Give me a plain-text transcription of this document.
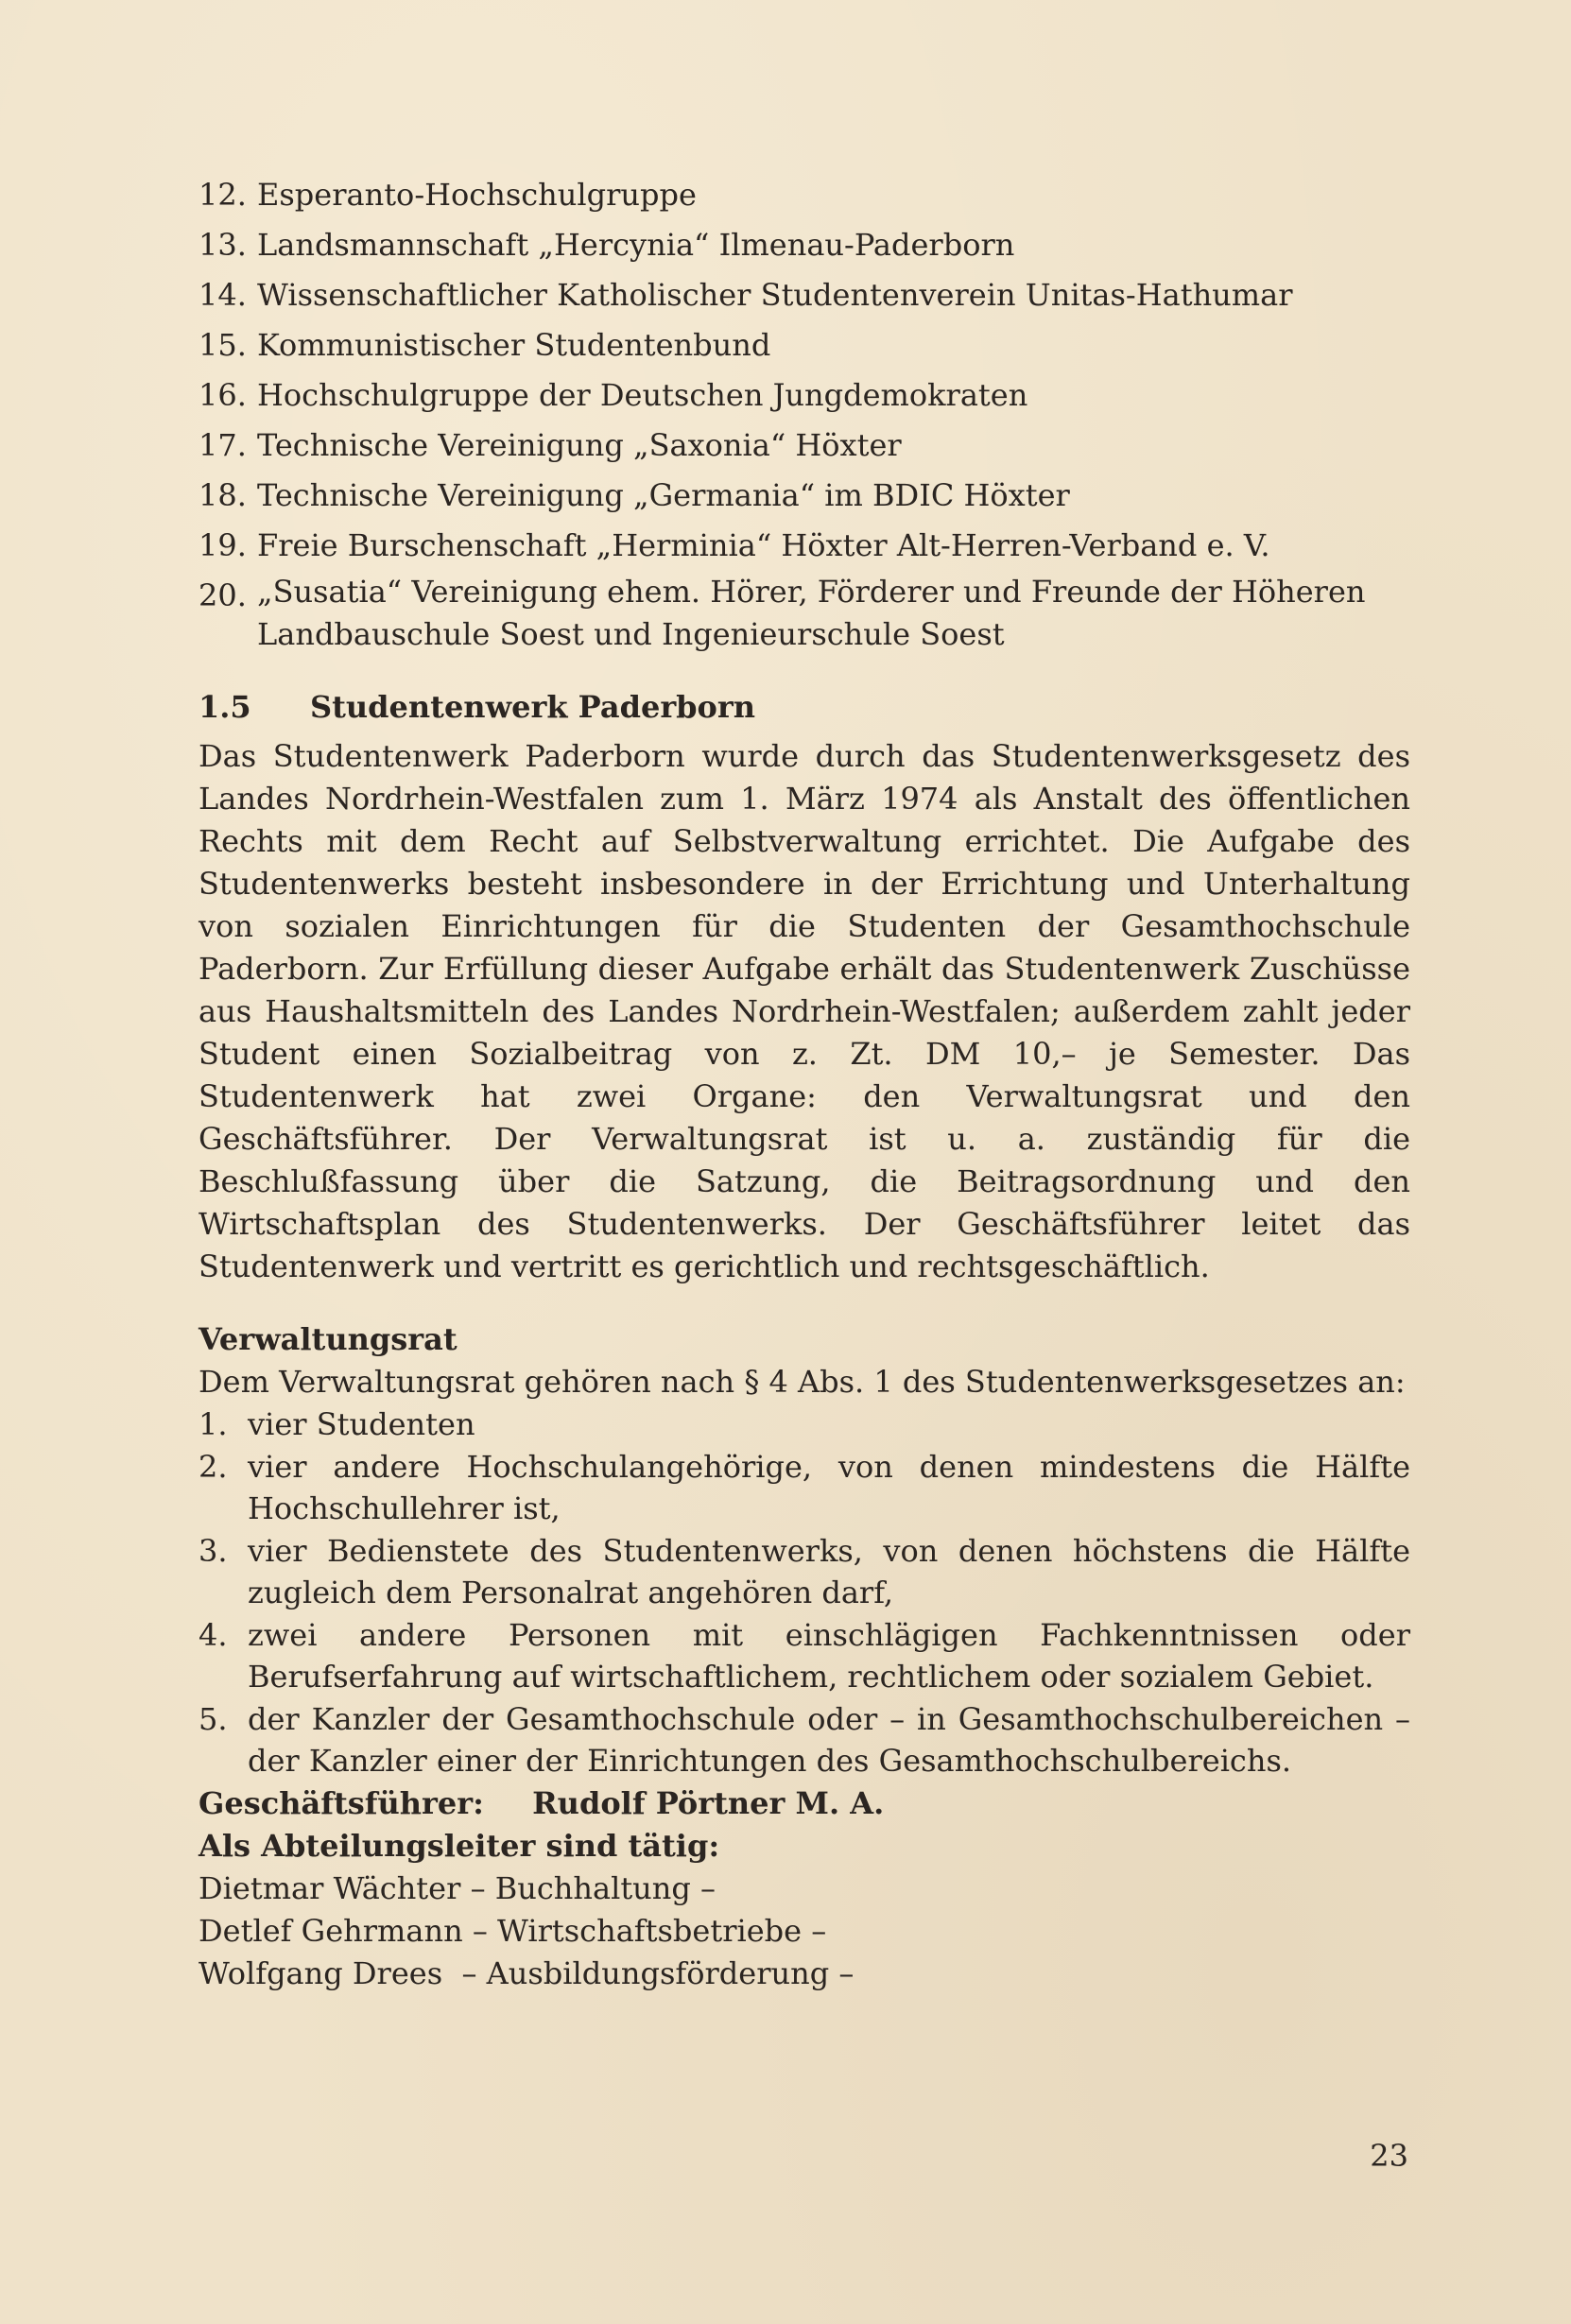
12. Esperanto-Hochschulgruppe
13. Landsmannschaft „Hercynia“ Ilmenau-Paderborn
14. Wissenschaftlicher Katholischer Studentenverein Unitas-Hathumar
15. Kommunistischer Studentenbund
16. Hochschulgruppe der Deutschen Jungdemokraten
17. Technische Vereinigung „Saxonia“ Höxter
18. Technische Vereinigung „Germania“ im BDIC Höxter
19. Freie Burschenschaft „Herminia“ Höxter Alt-Herren-Verband e. V.
20. „Susatia“ Vereinigung ehem. Hörer, Förderer und Freunde der Höheren Landbauschule Soest und Ingenieurschule Soest
1.5	Studentenwerk Paderborn

Das Studentenwerk Paderborn wurde durch das Studentenwerksgesetz des Landes Nordrhein-Westfalen zum 1. März 1974 als Anstalt des öffentlichen Rechts mit dem Recht auf Selbstverwaltung errichtet. Die Aufgabe des Studentenwerks besteht insbesondere in der Errichtung und Unterhaltung von sozialen Einrichtungen für die Studenten der Gesamthochschule Paderborn. Zur Erfüllung dieser Aufgabe erhält das Studentenwerk Zuschüsse aus Haushaltsmitteln des Landes Nordrhein-Westfalen; außerdem zahlt jeder Student einen Sozialbeitrag von z. Zt. DM 10,– je Semester. Das Studentenwerk hat zwei Organe: den Verwaltungsrat und den Geschäftsführer. Der Verwaltungsrat ist u. a. zuständig für die Beschlußfassung über die Satzung, die Beitragsordnung und den Wirtschaftsplan des Studentenwerks. Der Geschäftsführer leitet das Studentenwerk und vertritt es gerichtlich und rechtsgeschäftlich.

Verwaltungsrat

Dem Verwaltungsrat gehören nach § 4 Abs. 1 des Studentenwerksgesetzes an:

1. vier Studenten
2. vier andere Hochschulangehörige, von denen mindestens die Hälfte Hochschullehrer ist,
3. vier Bedienstete des Studentenwerks, von denen höchstens die Hälfte zugleich dem Personalrat angehören darf,
4. zwei andere Personen mit einschlägigen Fachkenntnissen oder Berufserfahrung auf wirtschaftlichem, rechtlichem oder sozialem Gebiet.
5. der Kanzler der Gesamthochschule oder – in Gesamthochschulbereichen – der Kanzler einer der Einrichtungen des Gesamthochschulbereichs.
Geschäftsführer: Rudolf Pörtner M. A.
Als Abteilungsleiter sind tätig:
Dietmar Wächter – Buchhaltung –
Detlef Gehrmann – Wirtschaftsbetriebe –
Wolfgang Drees  – Ausbildungsförderung –
23
